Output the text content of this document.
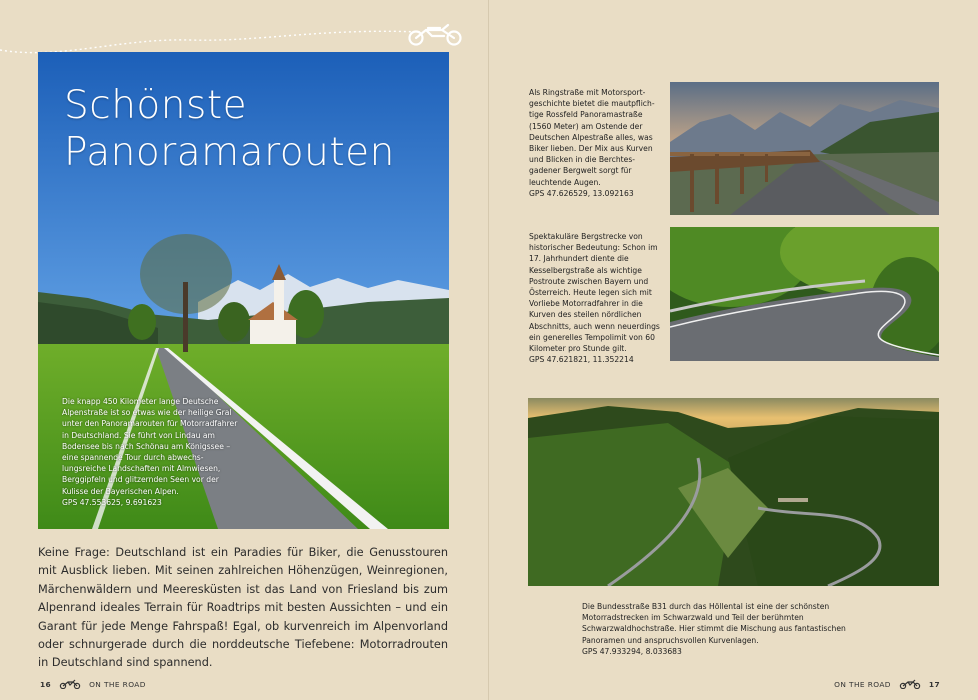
Schönste
Panoramarouten
Die knapp 450 Kilometer lange Deutsche Alpenstraße ist so etwas wie der heilige Gral unter den Panoramarouten für Motorradfahrer in Deutschland. Sie führt von Lindau am Bodensee bis nach Schönau am Königssee – eine spannende Tour durch abwechslungsreiche Landschaften mit Almwiesen, Berggipfeln und glitzernden Seen vor der Kulisse der Bayerischen Alpen.
GPS 47.553625, 9.691623
Keine Frage: Deutschland ist ein Paradies für Biker, die Genusstouren mit Ausblick lieben. Mit seinen zahlreichen Höhenzügen, Weinregionen, Märchenwäldern und Meeresküsten ist das Land von Friesland bis zum Alpenrand ideales Terrain für Roadtrips mit besten Aussichten – und ein Garant für jede Menge Fahrspaß! Egal, ob kurvenreich im Alpenvorland oder schnurgerade durch die norddeutsche Tiefebene: Motorradrouten in Deutschland sind spannend.
16	ON THE ROAD
Als Ringstraße mit Motorsportgeschichte bietet die mautpflichtige Rossfeld Panoramastraße (1560 Meter) am Ostende der Deutschen Alpestraße alles, was Biker lieben. Der Mix aus Kurven und Blicken in die Berchtesgadener Bergwelt sorgt für leuchtende Augen.
GPS 47.626529, 13.092163
Spektakuläre Bergstrecke von historischer Bedeutung: Schon im 17. Jahrhundert diente die Kesselbergstraße als wichtige Postroute zwischen Bayern und Österreich. Heute legen sich mit Vorliebe Motorradfahrer in die Kurven des steilen nördlichen Abschnitts, auch wenn neuerdings ein generelles Tempolimit von 60 Kilometer pro Stunde gilt.
GPS 47.621821, 11.352214
Die Bundesstraße B31 durch das Höllental ist eine der schönsten Motorradstrecken im Schwarzwald und Teil der berühmten Schwarzwaldhochstraße. Hier stimmt die Mischung aus fantastischen Panoramen und anspruchsvollen Kurvenlagen.
GPS 47.933294, 8.033683
ON THE ROAD	17
